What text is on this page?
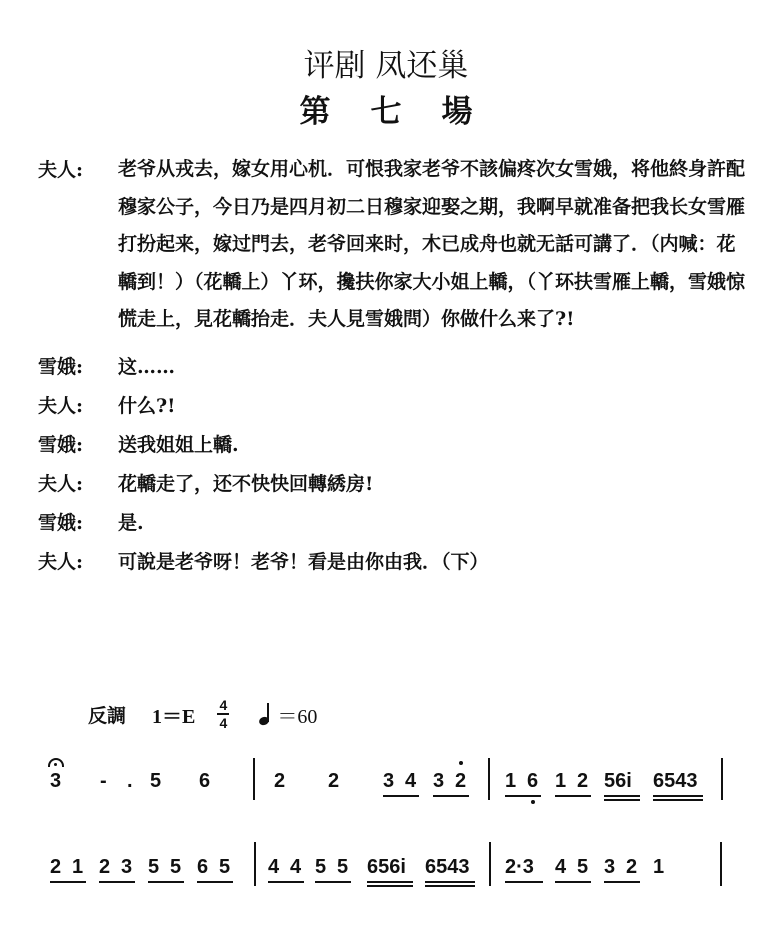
评剧 凤还巢
第七場
夫人:	老爷从戎去，嫁女用心机．可恨我家老爷不該偏疼次女雪娥，将他終身許配穆家公子，今日乃是四月初二日穆家迎娶之期，我啊早就准备把我长女雪雁打扮起来，嫁过門去，老爷回来时，木已成舟也就无話可講了．（内喊：花轎到！）（花轎上）丫环，攙扶你家大小姐上轎，（丫环扶雪雁上轎，雪娥惊慌走上，見花轎抬走．夫人見雪娥問）你做什么来了?!
雪娥:	这……
夫人:	什么?!
雪娥:	送我姐姐上轎.
夫人:	花轎走了，还不快快回轉綉房!
雪娥:	是.
夫人:	可說是老爷呀！老爷！看是由你由我．（下）
反調 1＝E
4
4	＝60
3 - . 5 6	2 2 3 4 3 2 1 6 1 2 56i 6543
2 1 2 3 5 5 6 5 4 4 5 5 656i 6543 2·3 4 5 3 2 1
